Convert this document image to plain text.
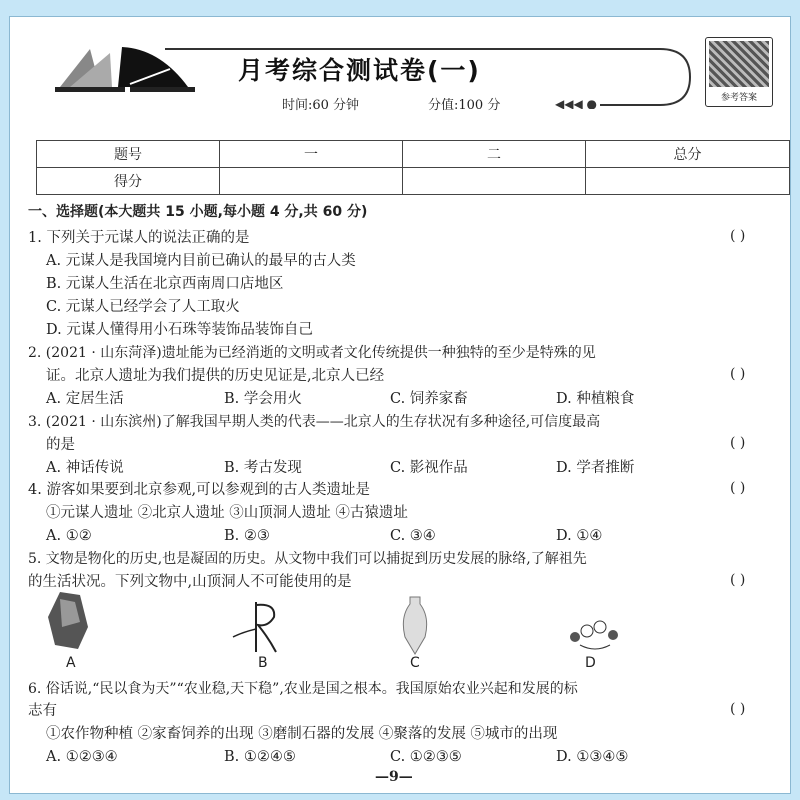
◀◀◀ ●
月考综合测试卷(一)
时间:60 分钟	分值:100 分	参考答案
题号	一	二	总分
得分			
一、选择题(本大题共 15 小题,每小题 4 分,共 60 分)
1. 下列关于元谋人的说法正确的是	( )
A. 元谋人是我国境内目前已确认的最早的古人类
B. 元谋人生活在北京西南周口店地区
C. 元谋人已经学会了人工取火
D. 元谋人懂得用小石珠等装饰品装饰自己
2. (2021 · 山东菏泽)遗址能为已经消逝的文明或者文化传统提供一种独特的至少是特殊的见
证。北京人遗址为我们提供的历史见证是,北京人已经	( )
A. 定居生活	B. 学会用火	C. 饲养家畜	D. 种植粮食
3. (2021 · 山东滨州)了解我国早期人类的代表——北京人的生存状况有多种途径,可信度最高
的是	( )
A. 神话传说	B. 考古发现	C. 影视作品	D. 学者推断
4. 游客如果要到北京参观,可以参观到的古人类遗址是	( )
①元谋人遗址 ②北京人遗址 ③山顶洞人遗址 ④古猿遗址
A. ①②	B. ②③	C. ③④	D. ①④
5. 文物是物化的历史,也是凝固的历史。从文物中我们可以捕捉到历史发展的脉络,了解祖先
的生活状况。下列文物中,山顶洞人不可能使用的是	( )
A	B	C	D
6. 俗话说,“民以食为天”“农业稳,天下稳”,农业是国之根本。我国原始农业兴起和发展的标
志有	( )
①农作物种植 ②家畜饲养的出现 ③磨制石器的发展 ④聚落的发展 ⑤城市的出现
A. ①②③④	B. ①②④⑤	C. ①②③⑤	D. ①③④⑤
—9—
